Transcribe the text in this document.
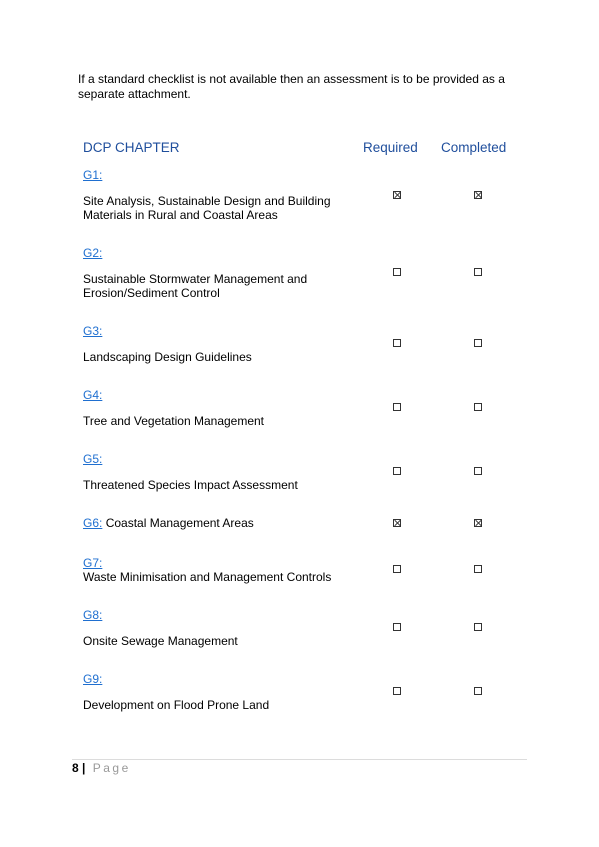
If a standard checklist is not available then an assessment is to be provided as a separate attachment.
DCP CHAPTER	Required Completed
G1:
Site Analysis, Sustainable Design and Building Materials in Rural and Coastal Areas
G2:
Sustainable Stormwater Management and Erosion/Sediment Control
G3:
Landscaping Design Guidelines
G4:
Tree and Vegetation Management
G5:
Threatened Species Impact Assessment
G6: Coastal Management Areas
G7:
Waste Minimisation and Management Controls
G8:
Onsite Sewage Management
G9:
Development on Flood Prone Land
8 | Page
